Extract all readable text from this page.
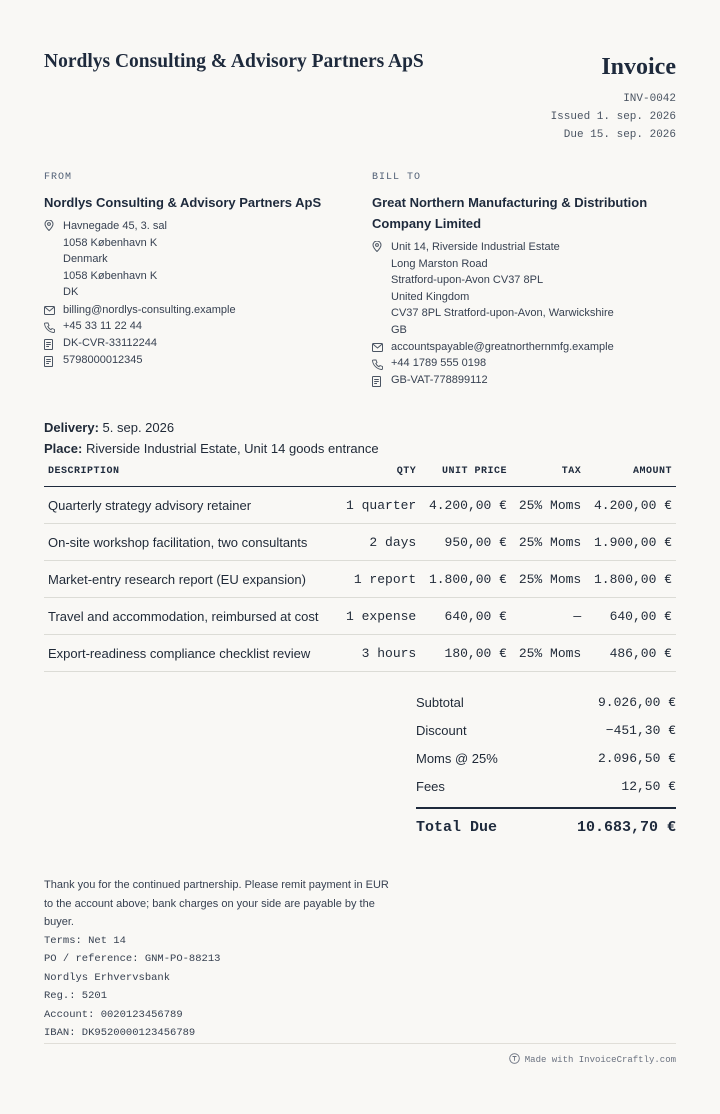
Nordlys Consulting & Advisory Partners ApS	Invoice
INV-0042
Issued 1. sep. 2026
Due 15. sep. 2026
FROM
Nordlys Consulting & Advisory Partners ApS
Havnegade 45, 3. sal
1058 København K
Denmark
1058 København K
DK
billing@nordlys-consulting.example
+45 33 11 22 44
DK-CVR-33112244
5798000012345
BILL TO
Great Northern Manufacturing & Distribution Company Limited
Unit 14, Riverside Industrial Estate
Long Marston Road
Stratford-upon-Avon CV37 8PL
United Kingdom
CV37 8PL Stratford-upon-Avon, Warwickshire
GB
accountspayable@greatnorthernmfg.example
+44 1789 555 0198
GB-VAT-778899112
Delivery: 5. sep. 2026
Place: Riverside Industrial Estate, Unit 14 goods entrance
DESCRIPTION	QTY	UNIT PRICE	TAX	AMOUNT
Quarterly strategy advisory retainer	1 quarter	4.200,00 €	25% Moms	4.200,00 €
On-site workshop facilitation, two consultants	2 days	950,00 €	25% Moms	1.900,00 €
Market-entry research report (EU expansion)	1 report	1.800,00 €	25% Moms	1.800,00 €
Travel and accommodation, reimbursed at cost	1 expense	640,00 €	—	640,00 €
Export-readiness compliance checklist review	3 hours	180,00 €	25% Moms	486,00 €
Subtotal	9.026,00 €
Discount	−451,30 €
Moms @ 25%	2.096,50 €
Fees	12,50 €
Total Due	10.683,70 €
Thank you for the continued partnership. Please remit payment in EUR to the account above; bank charges on your side are payable by the buyer.
Terms: Net 14
PO / reference: GNM-PO-88213
Nordlys Erhvervsbank
Reg.: 5201
Account: 0020123456789
IBAN: DK9520000123456789
Made with InvoiceCraftly.com
